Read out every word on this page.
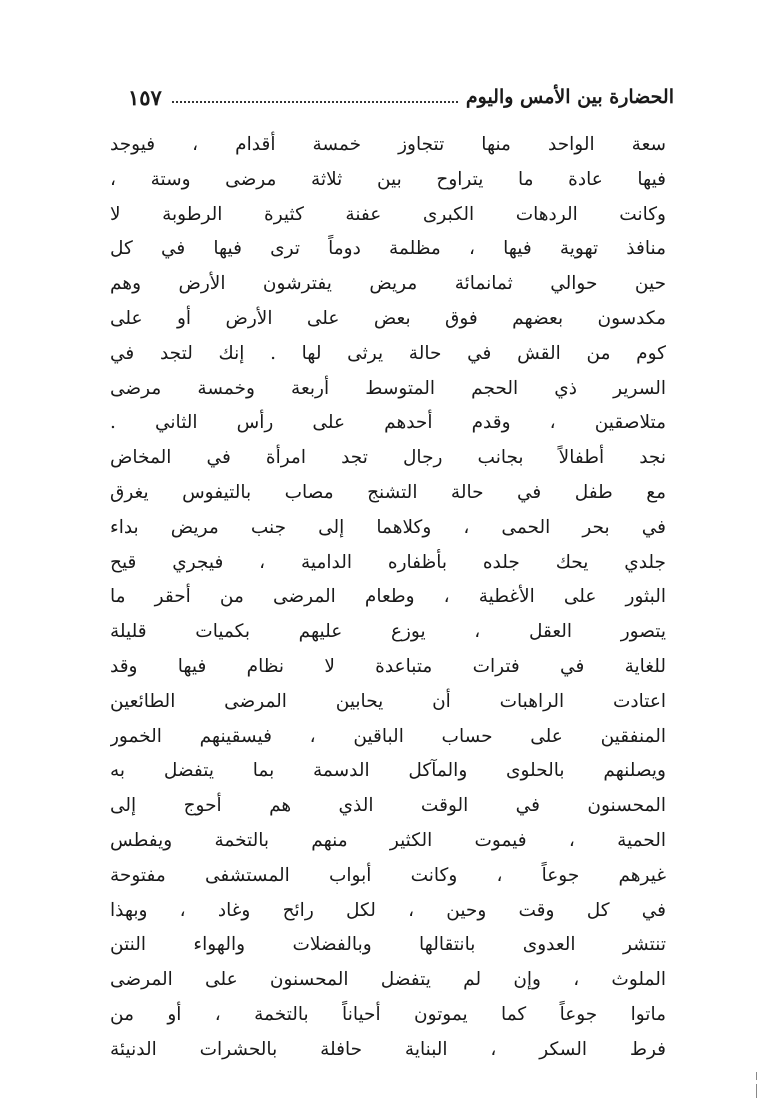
الحضارة بين الأمس واليوم
١٥٧
سعة الواحد منها تتجاوز خمسة أقدام ، فيوجد
فيها عادة ما يتراوح بين ثلاثة مرضى وستة ،
وكانت الردهات الكبرى عفنة كثيرة الرطوبة لا
منافذ تهوية فيها ، مظلمة دوماً ترى فيها في كل
حين حوالي ثمانمائة مريض يفترشون الأرض وهم
مكدسون بعضهم فوق بعض على الأرض أو على
كوم من القش في حالة يرثى لها . إنك لتجد في
السرير ذي الحجم المتوسط أربعة وخمسة مرضى
متلاصقين ، وقدم أحدهم على رأس الثاني .
نجد أطفالاً بجانب رجال تجد امرأة في المخاض
مع طفل في حالة التشنج مصاب بالتيفوس يغرق
في بحر الحمى ، وكلاهما إلى جنب مريض بداء
جلدي يحك جلده بأظفاره الدامية ، فيجري قيح
البثور على الأغطية ، وطعام المرضى من أحقر ما
يتصور العقل ، يوزع عليهم بكميات قليلة
للغاية في فترات متباعدة لا نظام فيها وقد
اعتادت الراهبات أن يحابين المرضى الطائعين
المنفقين على حساب الباقين ، فيسقينهم الخمور
ويصلنهم بالحلوى والمآكل الدسمة بما يتفضل به
المحسنون في الوقت الذي هم أحوج إلى
الحمية ، فيموت الكثير منهم بالتخمة ويفطس
غيرهم جوعاً ، وكانت أبواب المستشفى مفتوحة
في كل وقت وحين ، لكل رائح وغاد ، وبهذا
تنتشر العدوى بانتقالها وبالفضلات والهواء النتن
الملوث ، وإن لم يتفضل المحسنون على المرضى
ماتوا جوعاً كما يموتون أحياناً بالتخمة ، أو من
فرط السكر ، البناية حافلة بالحشرات الدنيئة
